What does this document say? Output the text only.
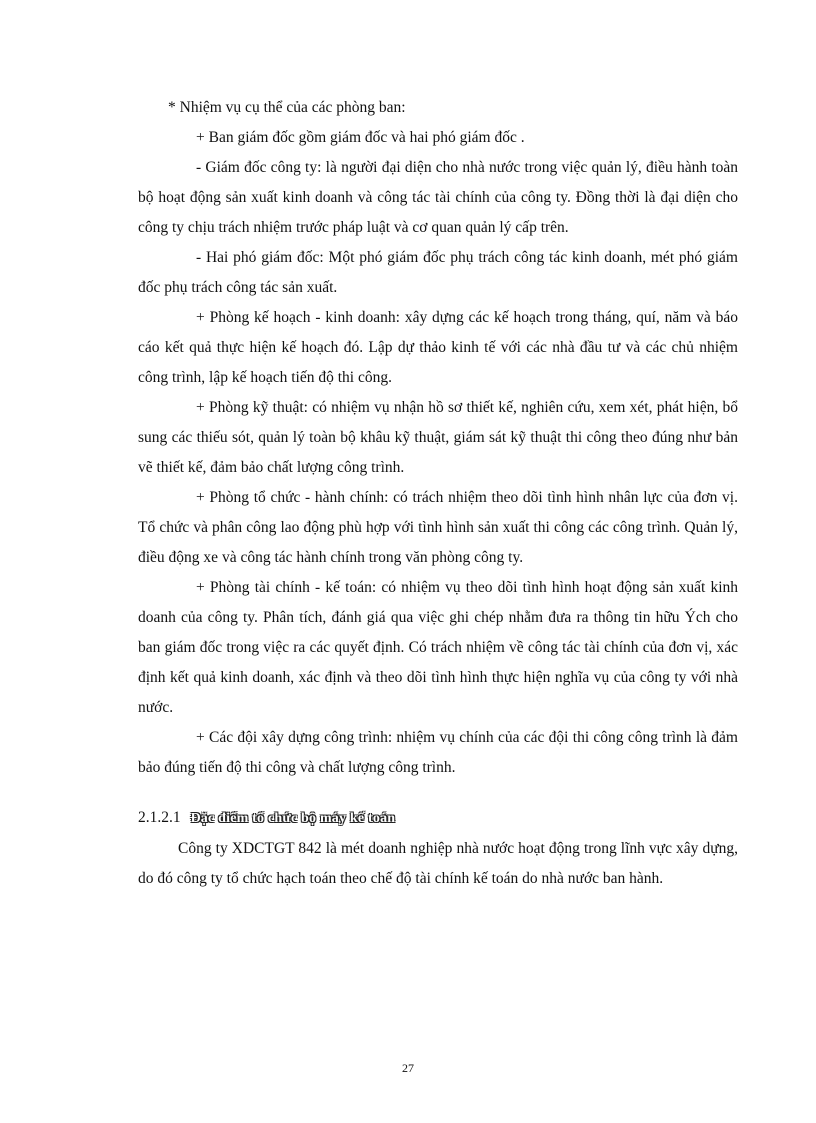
* Nhiệm vụ cụ thể của các phòng ban:

+ Ban giám đốc gồm giám đốc và hai phó giám đốc .

- Giám đốc công ty: là người đại diện cho nhà nước trong việc quản lý, điều hành toàn bộ hoạt động sản xuất kinh doanh và công tác tài chính của công ty. Đồng thời là đại diện cho công ty chịu trách nhiệm trước pháp luật và cơ quan quản lý cấp trên.

- Hai phó giám đốc: Một phó giám đốc phụ trách công tác kinh doanh, mét phó giám đốc phụ trách công tác sản xuất.

+ Phòng kế hoạch - kinh doanh: xây dựng các kế hoạch trong tháng, quí, năm và báo cáo kết quả thực hiện kế hoạch đó. Lập dự thảo kinh tế với các nhà đầu tư và các chủ nhiệm công trình, lập kế hoạch tiến độ thi công.

+ Phòng kỹ thuật: có nhiệm vụ nhận hồ sơ thiết kế, nghiên cứu, xem xét, phát hiện, bổ sung các thiếu sót, quản lý toàn bộ khâu kỹ thuật, giám sát kỹ thuật thi công theo đúng như bản vẽ thiết kế, đảm bảo chất lượng công trình.

+ Phòng tổ chức - hành chính: có trách nhiệm theo dõi tình hình nhân lực của đơn vị. Tổ chức và phân công lao động phù hợp với tình hình sản xuất thi công các công trình. Quản lý, điều động xe và công tác hành chính trong văn phòng công ty.

+ Phòng tài chính - kế toán: có nhiệm vụ theo dõi tình hình hoạt động sản xuất kinh doanh của công ty. Phân tích, đánh giá qua việc ghi chép nhằm đưa ra thông tin hữu Ých cho ban giám đốc trong việc ra các quyết định. Có trách nhiệm về công tác tài chính của đơn vị, xác định kết quả kinh doanh, xác định và theo dõi tình hình thực hiện nghĩa vụ của công ty với nhà nước.

+ Các đội xây dựng công trình: nhiệm vụ chính của các đội thi công công trình là đảm bảo đúng tiến độ thi công và chất lượng công trình.

2.1.2.1 Đặc điểm tổ chức bộ máy kế toán

Công ty XDCTGT 842 là mét doanh nghiệp nhà nước hoạt động trong lĩnh vực xây dựng, do đó công ty tổ chức hạch toán theo chế độ tài chính kế toán do nhà nước ban hành.

27
